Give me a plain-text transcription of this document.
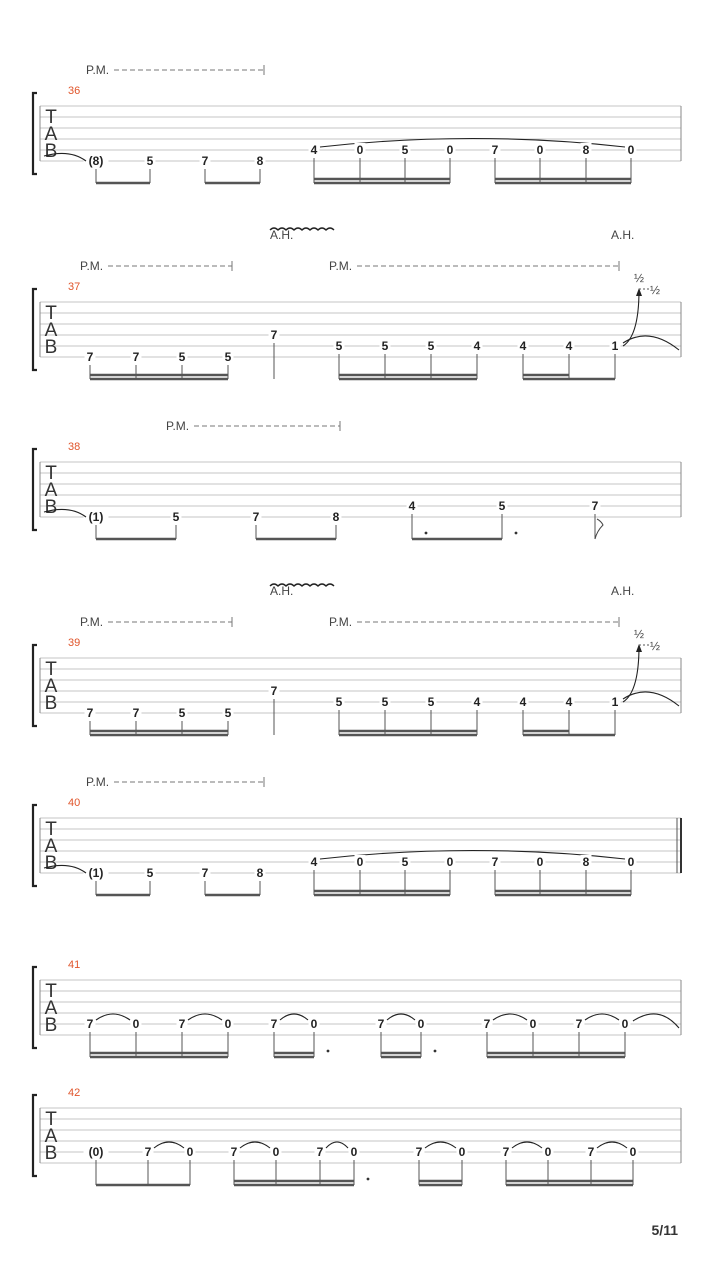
T
A
B
36
(8)	5	7	8
4	0	5	0	7	0	8	0
P.M.
T
A
B
37
7	7	5	5
7
5	5	5	4	4	4	1
½
½
P.M.	P.M.
A.H.	A.H.
T
A
B
38
(1)	5	7	8
4	5	7
P.M.
T
A
B
39
7	7	5	5
7
5	5	5	4	4	4	1
½
½
P.M.	P.M.
A.H.	A.H.
T
A
B
40
(1)	5	7	8
4	0	5	0	7	0	8	0
P.M.
T
A
B
41
7	0	7	0	7	0	7	0	7	0	7	0
T
A
B
42
(0)	7	0	7	0	7 0	7	0	7	0	7	0
5/11
